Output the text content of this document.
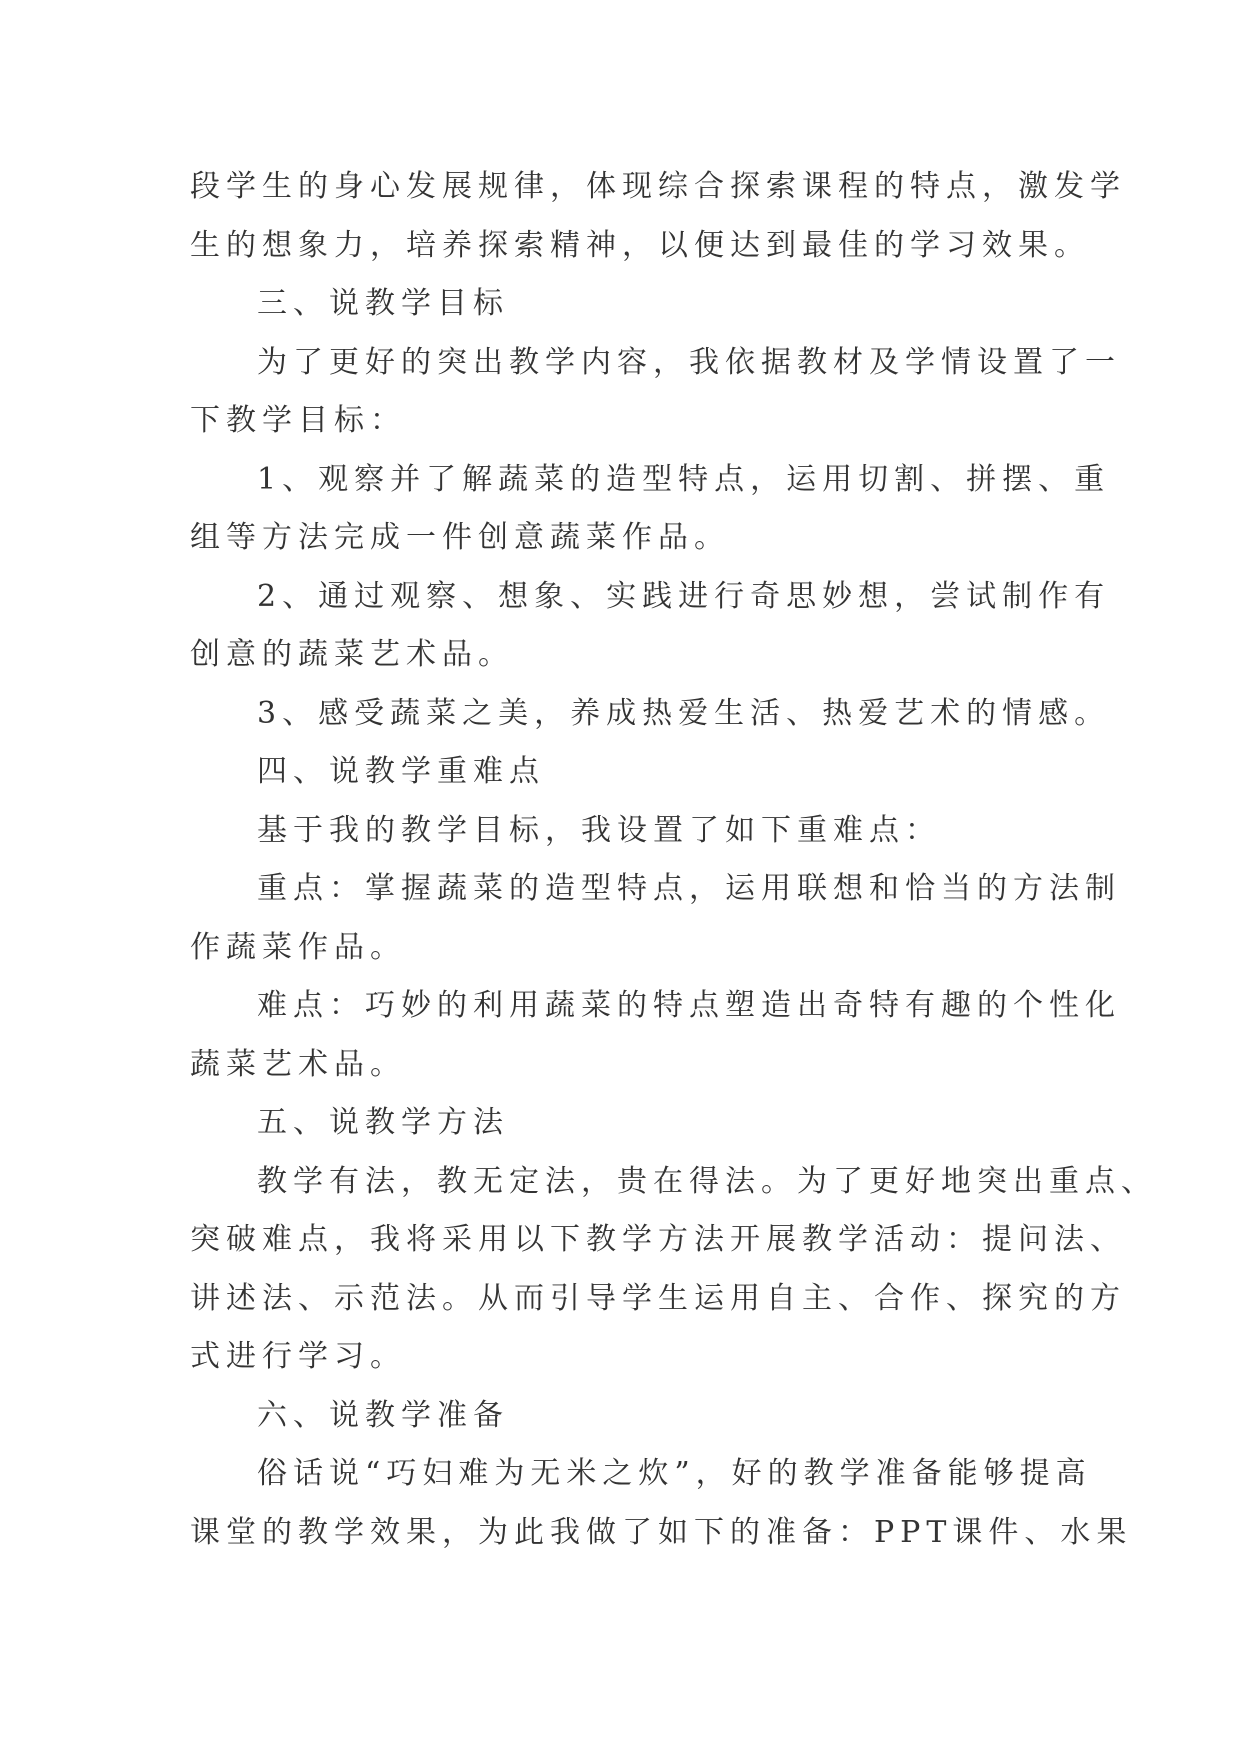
段学生的身心发展规律，体现综合探索课程的特点，激发学
生的想象力，培养探索精神，以便达到最佳的学习效果。
三、说教学目标
为了更好的突出教学内容，我依据教材及学情设置了一
下教学目标：
1、观察并了解蔬菜的造型特点，运用切割、拼摆、重
组等方法完成一件创意蔬菜作品。
2、通过观察、想象、实践进行奇思妙想，尝试制作有
创意的蔬菜艺术品。
3、感受蔬菜之美，养成热爱生活、热爱艺术的情感。
四、说教学重难点
基于我的教学目标，我设置了如下重难点：
重点：掌握蔬菜的造型特点，运用联想和恰当的方法制
作蔬菜作品。
难点：巧妙的利用蔬菜的特点塑造出奇特有趣的个性化
蔬菜艺术品。
五、说教学方法
教学有法，教无定法，贵在得法。为了更好地突出重点、
突破难点，我将采用以下教学方法开展教学活动：提问法、
讲述法、示范法。从而引导学生运用自主、合作、探究的方
式进行学习。
六、说教学准备
俗话说“巧妇难为无米之炊”，好的教学准备能够提高
课堂的教学效果，为此我做了如下的准备：PPT课件、水果
